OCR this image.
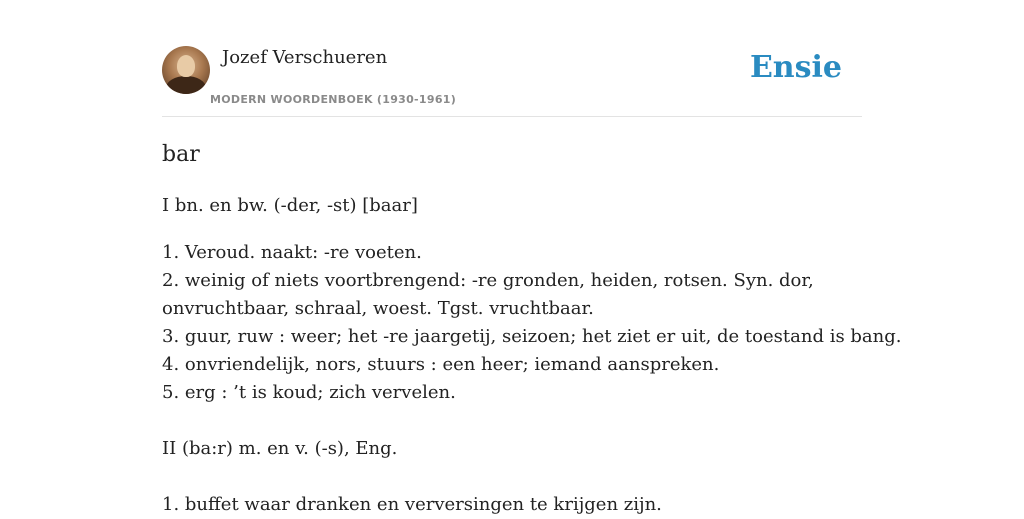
Jozef Verschueren
MODERN WOORDENBOEK (1930-1961)
Ensie
bar
I bn. en bw. (-der, -st) [baar]
1. Veroud. naakt: -re voeten.
2. weinig of niets voortbrengend: -re gronden, heiden, rotsen. Syn. dor,
onvruchtbaar, schraal, woest. Tgst. vruchtbaar.
3. guur, ruw : weer; het -re jaargetij, seizoen; het ziet er uit, de toestand is bang.
4. onvriendelijk, nors, stuurs : een heer; iemand aanspreken.
5. erg : ’t is koud; zich vervelen.
II (ba:r) m. en v. (-s), Eng.
1. buffet waar dranken en verversingen te krijgen zijn.
